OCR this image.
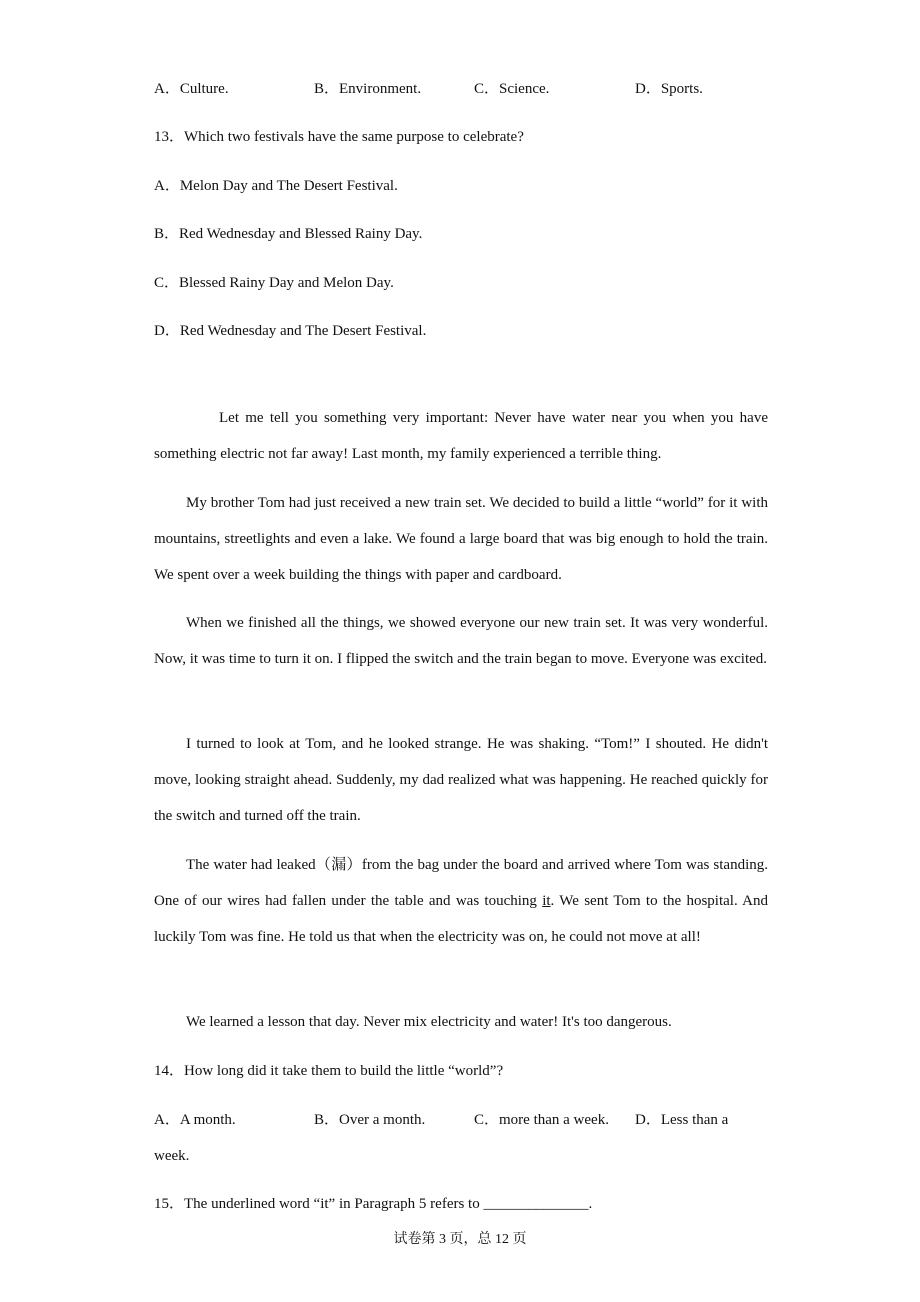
A．Culture.	B．Environment.	C．Science.	D．Sports.
13．Which two festivals have the same purpose to celebrate?
A．Melon Day and The Desert Festival.
B．Red Wednesday and Blessed Rainy Day.
C．Blessed Rainy Day and Melon Day.
D．Red Wednesday and The Desert Festival.
Let me tell you something very important: Never have water near you when you have something electric not far away! Last month, my family experienced a terrible thing.
My brother Tom had just received a new train set. We decided to build a little “world” for it with mountains, streetlights and even a lake. We found a large board that was big enough to hold the train. We spent over a week building the things with paper and cardboard.
When we finished all the things, we showed everyone our new train set. It was very wonderful. Now, it was time to turn it on. I flipped the switch and the train began to move. Everyone was excited.
I turned to look at Tom, and he looked strange. He was shaking. “Tom!” I shouted. He didn't move, looking straight ahead. Suddenly, my dad realized what was happening. He reached quickly for the switch and turned off the train.
The water had leaked（漏）from the bag under the board and arrived where Tom was standing. One of our wires had fallen under the table and was touching it. We sent Tom to the hospital. And luckily Tom was fine. He told us that when the electricity was on, he could not move at all!
We learned a lesson that day. Never mix electricity and water! It's too dangerous.
14．How long did it take them to build the little “world”?
A．A month.	B．Over a month.	C．more than a week. D．Less than a
week.
15．The underlined word “it” in Paragraph 5 refers to ______________.
试卷第 3 页，总 12 页
